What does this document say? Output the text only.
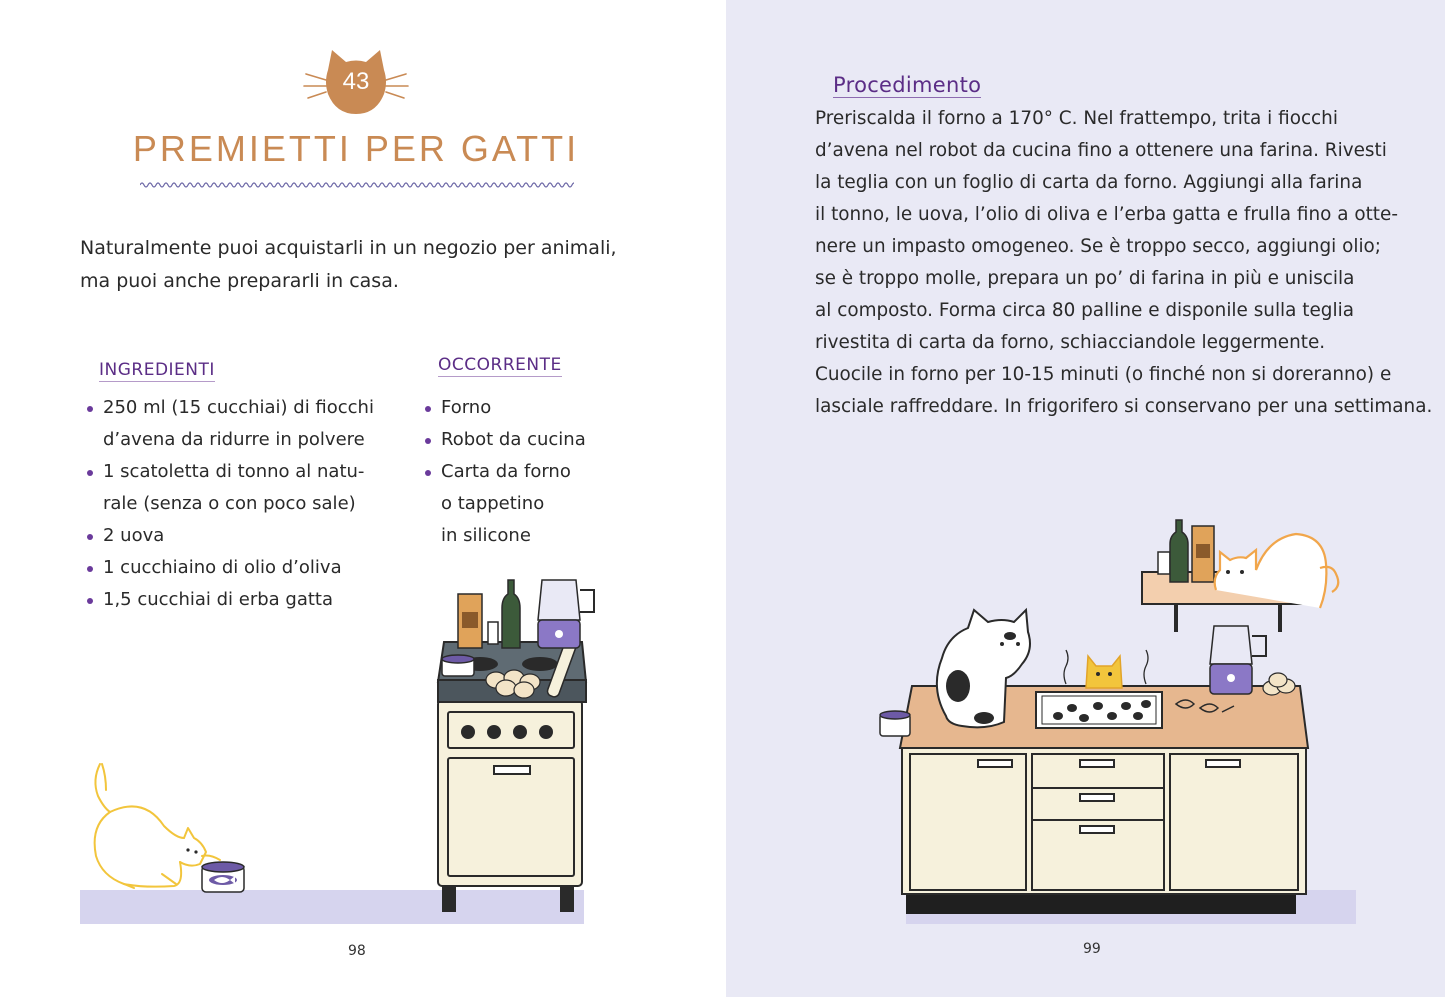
43
PREMIETTI PER GATTI
Naturalmente puoi acquistarli in un negozio per animali,
ma puoi anche prepararli in casa.
INGREDIENTI
250 ml (15 cucchiai) di fiocchi
d’avena da ridurre in polvere
1 scatoletta di tonno al natu-
rale (senza o con poco sale)
2 uova
1 cucchiaino di olio d’oliva
1,5 cucchiai di erba gatta
OCCORRENTE
Forno
Robot da cucina
Carta da forno
o tappetino
in silicone
98
Procedimento
Preriscalda il forno a 170° C. Nel frattempo, trita i fiocchi
d’avena nel robot da cucina fino a ottenere una farina. Rivesti
la teglia con un foglio di carta da forno. Aggiungi alla farina
il tonno, le uova, l’olio di oliva e l’erba gatta e frulla fino a otte-
nere un impasto omogeneo. Se è troppo secco, aggiungi olio;
se è troppo molle, prepara un po’ di farina in più e uniscila
al composto. Forma circa 80 palline e disponile sulla teglia
rivestita di carta da forno, schiacciandole leggermente.
Cuocile in forno per 10-15 minuti (o finché non si doreranno) e
lasciale raffreddare. In frigorifero si conservano per una settimana.
99
